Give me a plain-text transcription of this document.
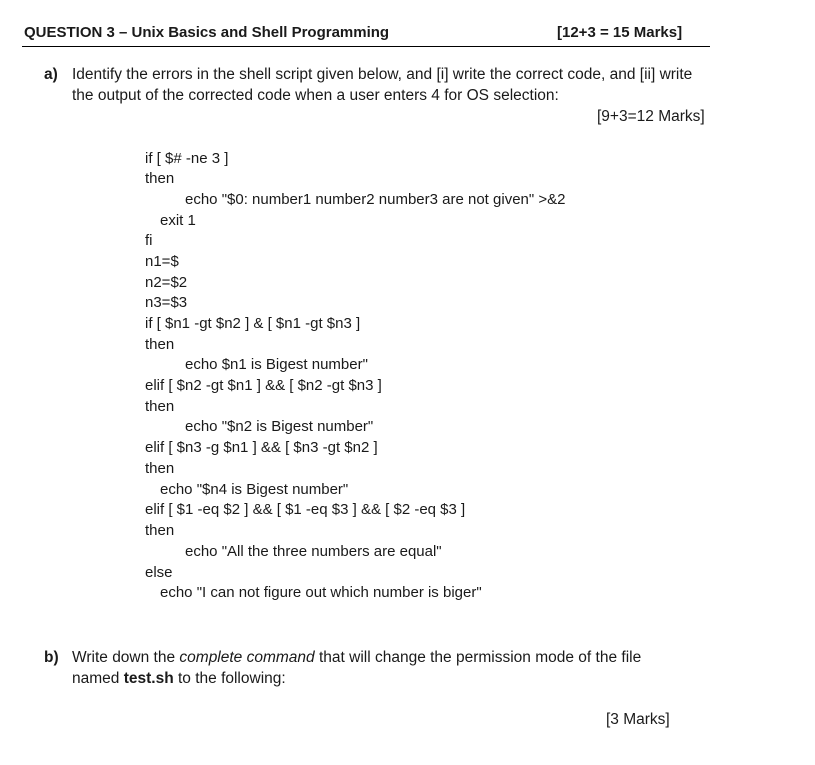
QUESTION 3 – Unix Basics and Shell Programming	[12+3 = 15 Marks]
a) Identify the errors in the shell script given below, and [i] write the correct code, and [ii] write
the output of the corrected code when a user enters 4 for OS selection:
[9+3=12 Marks]
if [ $# -ne 3 ]
then
echo "$0: number1 number2 number3 are not given" >&2
exit 1
fi
n1=$
n2=$2
n3=$3
if [ $n1 -gt $n2 ] & [ $n1 -gt $n3 ]
then
echo $n1 is Bigest number"
elif [ $n2 -gt $n1 ] && [ $n2 -gt $n3 ]
then
echo "$n2 is Bigest number"
elif [ $n3 -g $n1 ] && [ $n3 -gt $n2 ]
then
echo "$n4 is Bigest number"
elif [ $1 -eq $2 ] && [ $1 -eq $3 ] && [ $2 -eq $3 ]
then
echo "All the three numbers are equal"
else
echo "I can not figure out which number is biger"
b) Write down the complete command that will change the permission mode of the file
named test.sh to the following:
[3 Marks]
